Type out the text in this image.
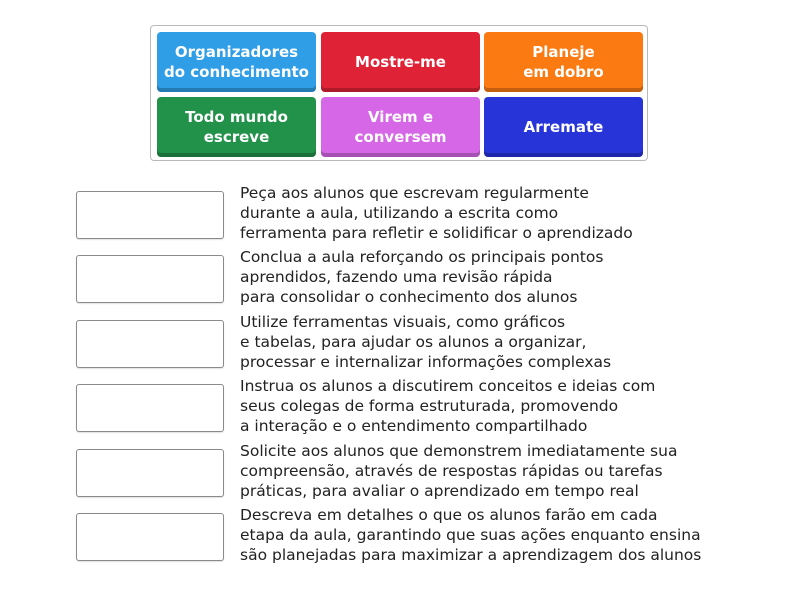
Organizadores
do conhecimento
Mostre-me
Planeje
em dobro
Todo mundo
escreve
Virem e
conversem
Arremate
Peça aos alunos que escrevam regularmente
durante a aula, utilizando a escrita como
ferramenta para refletir e solidificar o aprendizado
Conclua a aula reforçando os principais pontos
aprendidos, fazendo uma revisão rápida
para consolidar o conhecimento dos alunos
Utilize ferramentas visuais, como gráficos
e tabelas, para ajudar os alunos a organizar,
processar e internalizar informações complexas
Instrua os alunos a discutirem conceitos e ideias com
seus colegas de forma estruturada, promovendo
a interação e o entendimento compartilhado
Solicite aos alunos que demonstrem imediatamente sua
compreensão, através de respostas rápidas ou tarefas
práticas, para avaliar o aprendizado em tempo real
Descreva em detalhes o que os alunos farão em cada
etapa da aula, garantindo que suas ações enquanto ensina
são planejadas para maximizar a aprendizagem dos alunos
